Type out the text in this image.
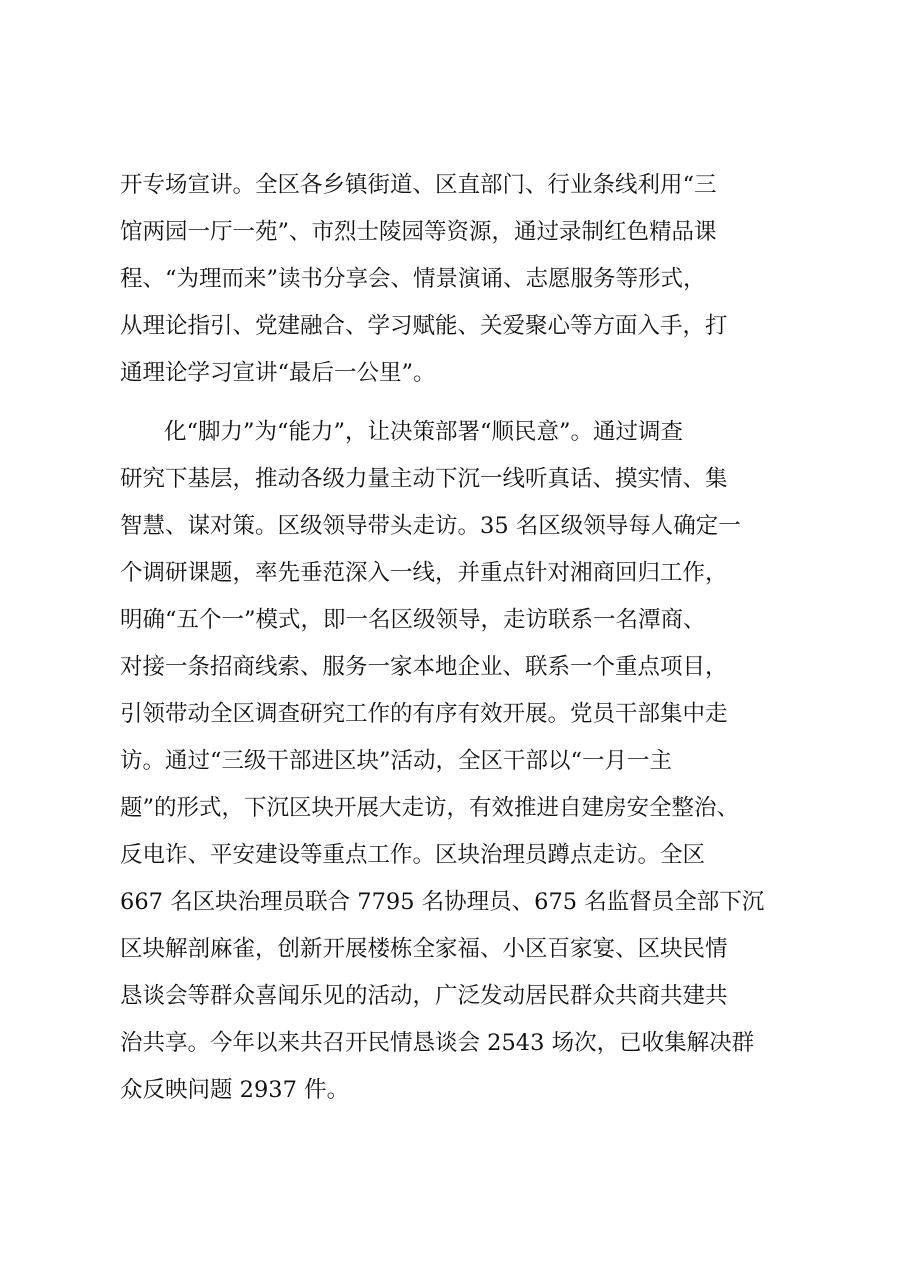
开专场宣讲。全区各乡镇街道、区直部门、行业条线利用“三
馆两园一厅一苑”、市烈士陵园等资源，通过录制红色精品课
程、“为理而来”读书分享会、情景演诵、志愿服务等形式，
从理论指引、党建融合、学习赋能、关爱聚心等方面入手，打
通理论学习宣讲“最后一公里”。
化“脚力”为“能力”，让决策部署“顺民意”。通过调查
研究下基层，推动各级力量主动下沉一线听真话、摸实情、集
智慧、谋对策。区级领导带头走访。35 名区级领导每人确定一
个调研课题，率先垂范深入一线，并重点针对湘商回归工作，
明确“五个一”模式，即一名区级领导，走访联系一名潭商、
对接一条招商线索、服务一家本地企业、联系一个重点项目，
引领带动全区调查研究工作的有序有效开展。党员干部集中走
访。通过“三级干部进区块”活动，全区干部以“一月一主
题”的形式，下沉区块开展大走访，有效推进自建房安全整治、
反电诈、平安建设等重点工作。区块治理员蹲点走访。全区
667 名区块治理员联合 7795 名协理员、675 名监督员全部下沉
区块解剖麻雀，创新开展楼栋全家福、小区百家宴、区块民情
恳谈会等群众喜闻乐见的活动，广泛发动居民群众共商共建共
治共享。今年以来共召开民情恳谈会 2543 场次，已收集解决群
众反映问题 2937 件。
